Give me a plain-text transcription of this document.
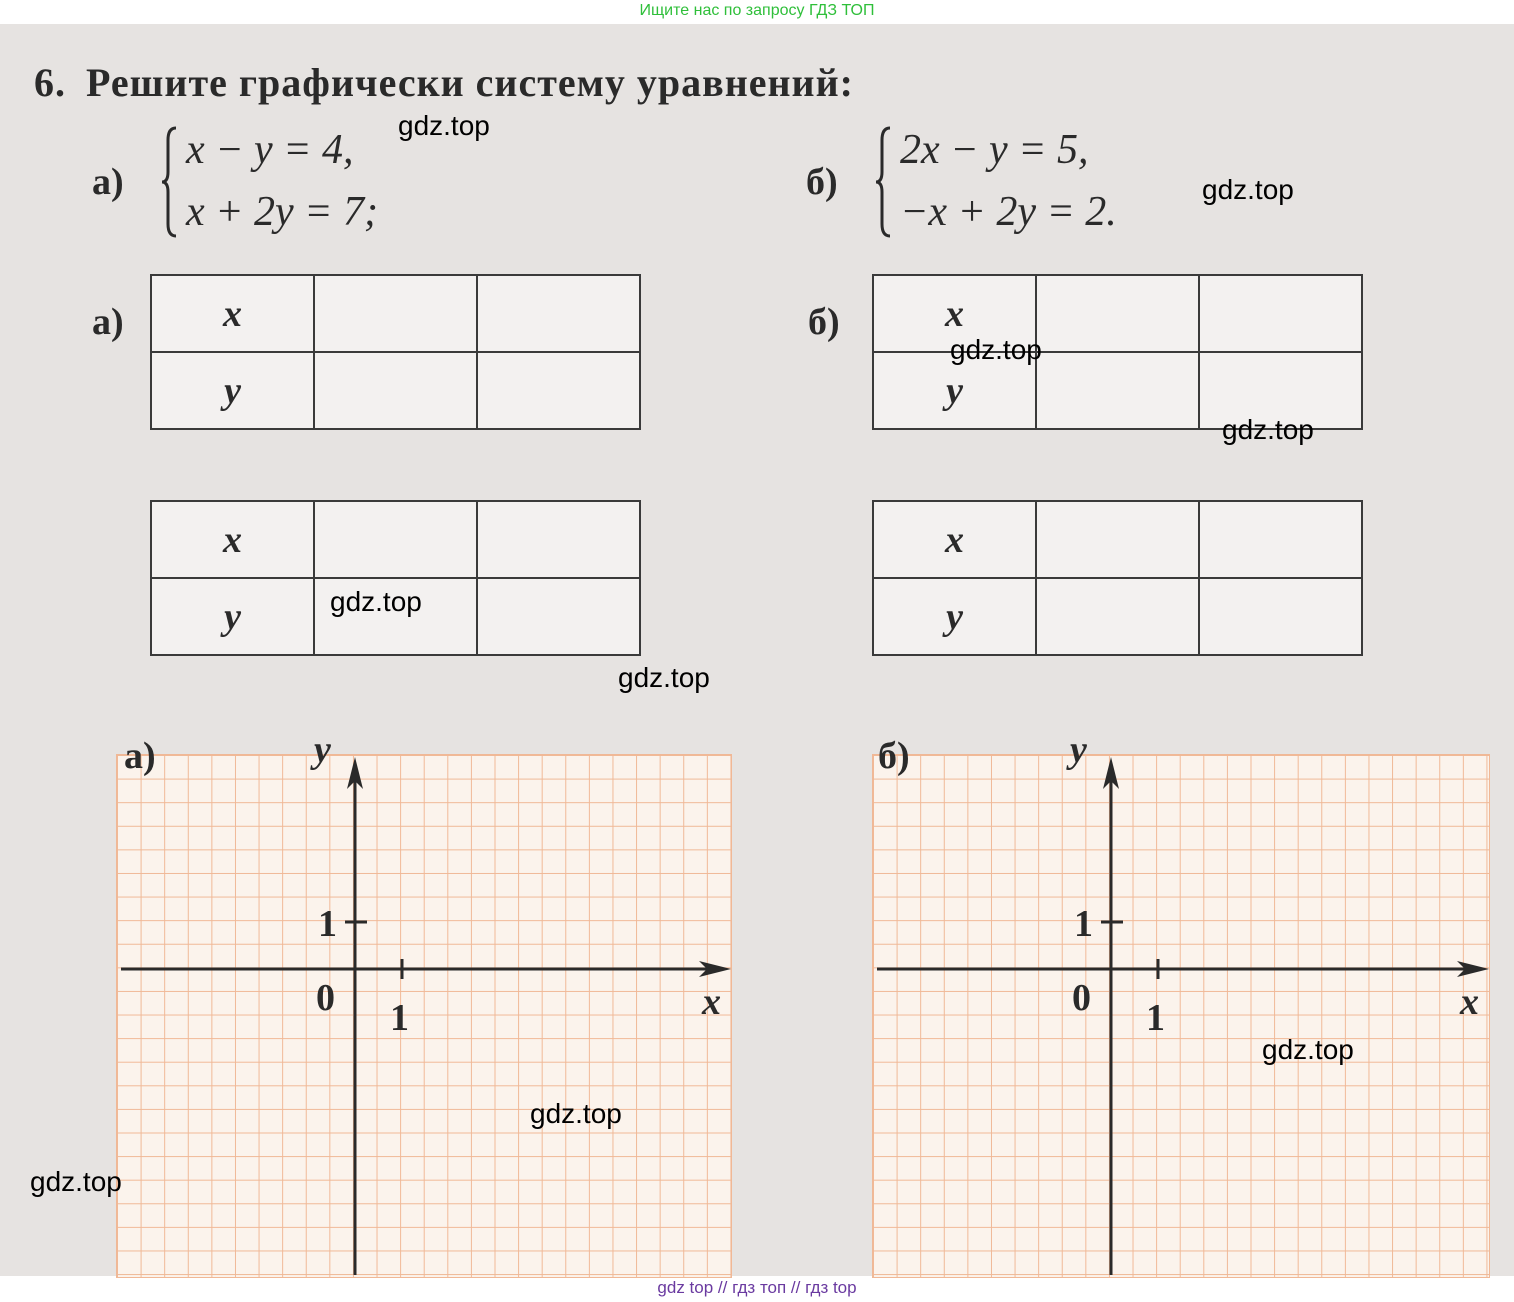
Ищите нас по запросу ГДЗ ТОП
6. Решите графически систему уравнений:
а)
x − y = 4,
x + 2y = 7;
б)
2x − y = 5,
−x + 2y = 2.
а)	x		
y		
x		
y		
б)	x		
y		
x		
y		
а)	y
x
0 1
1
б)	y
x
0 1
1
gdz.top
gdz.top
gdz.top
gdz.top
gdz.top
gdz.top
gdz.top
gdz.top
gdz.top
gdz top // гдз топ // гдз top
